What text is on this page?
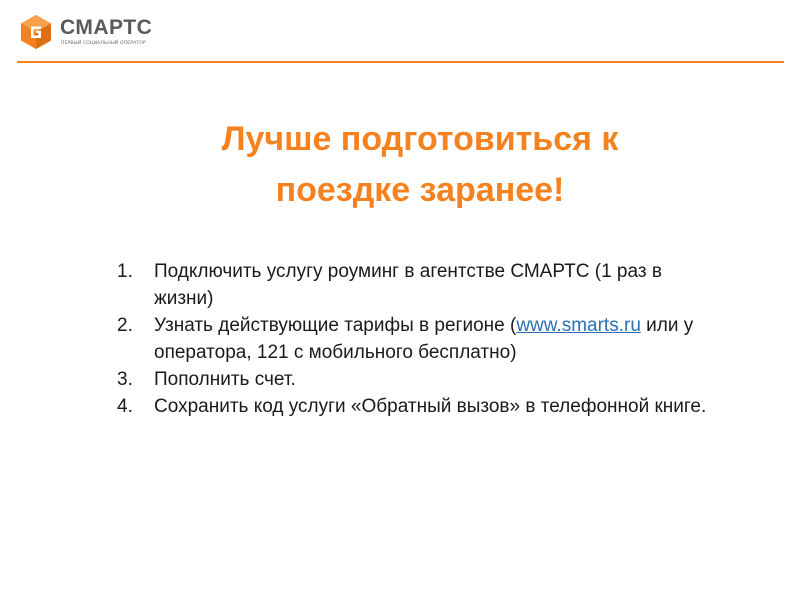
СМАРТС
ПЕРВЫЙ СОЦИАЛЬНЫЙ ОПЕРАТОР
Лучше подготовиться к
поездке заранее!
1. Подключить услугу роуминг в агентстве СМАРТС (1 раз в жизни)
2. Узнать действующие тарифы в регионе (www.smarts.ru или у оператора, 121 с мобильного бесплатно)
3. Пополнить счет.
4. Сохранить код услуги «Обратный вызов» в телефонной книге.
